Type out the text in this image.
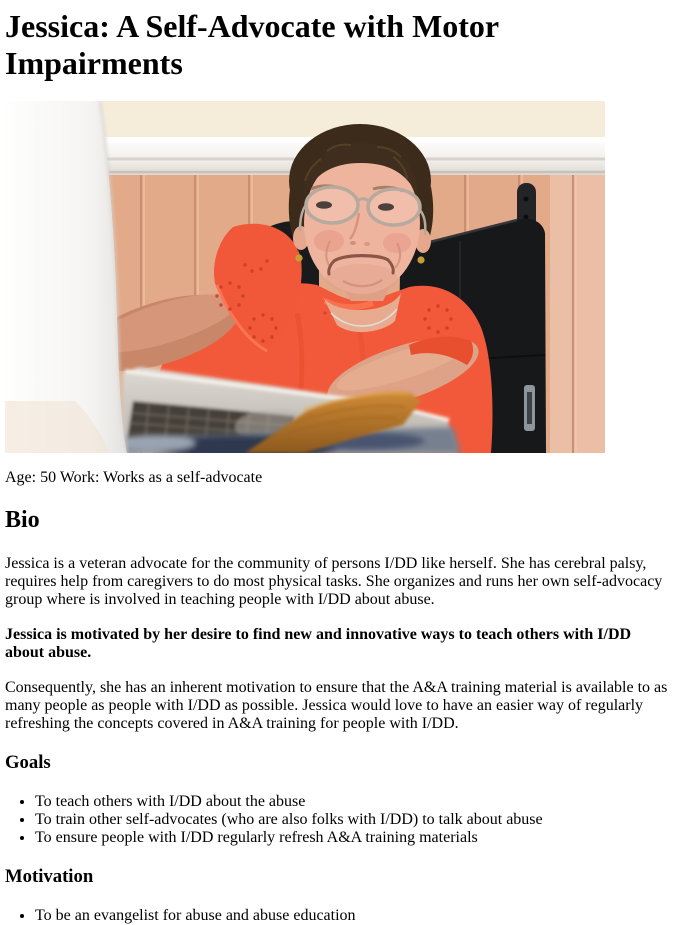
Jessica: A Self-Advocate with Motor Impairments

Age: 50 Work: Works as a self-advocate

Bio

Jessica is a veteran advocate for the community of persons I/DD like herself. She has cerebral palsy, requires help from caregivers to do most physical tasks. She organizes and runs her own self-advocacy group where is involved in teaching people with I/DD about abuse.

Jessica is motivated by her desire to find new and innovative ways to teach others with I/DD about abuse.

Consequently, she has an inherent motivation to ensure that the A&A training material is available to as many people as people with I/DD as possible. Jessica would love to have an easier way of regularly refreshing the concepts covered in A&A training for people with I/DD.

Goals
• To teach others with I/DD about the abuse
• To train other self-advocates (who are also folks with I/DD) to talk about abuse
• To ensure people with I/DD regularly refresh A&A training materials
Motivation
• To be an evangelist for abuse and abuse education
